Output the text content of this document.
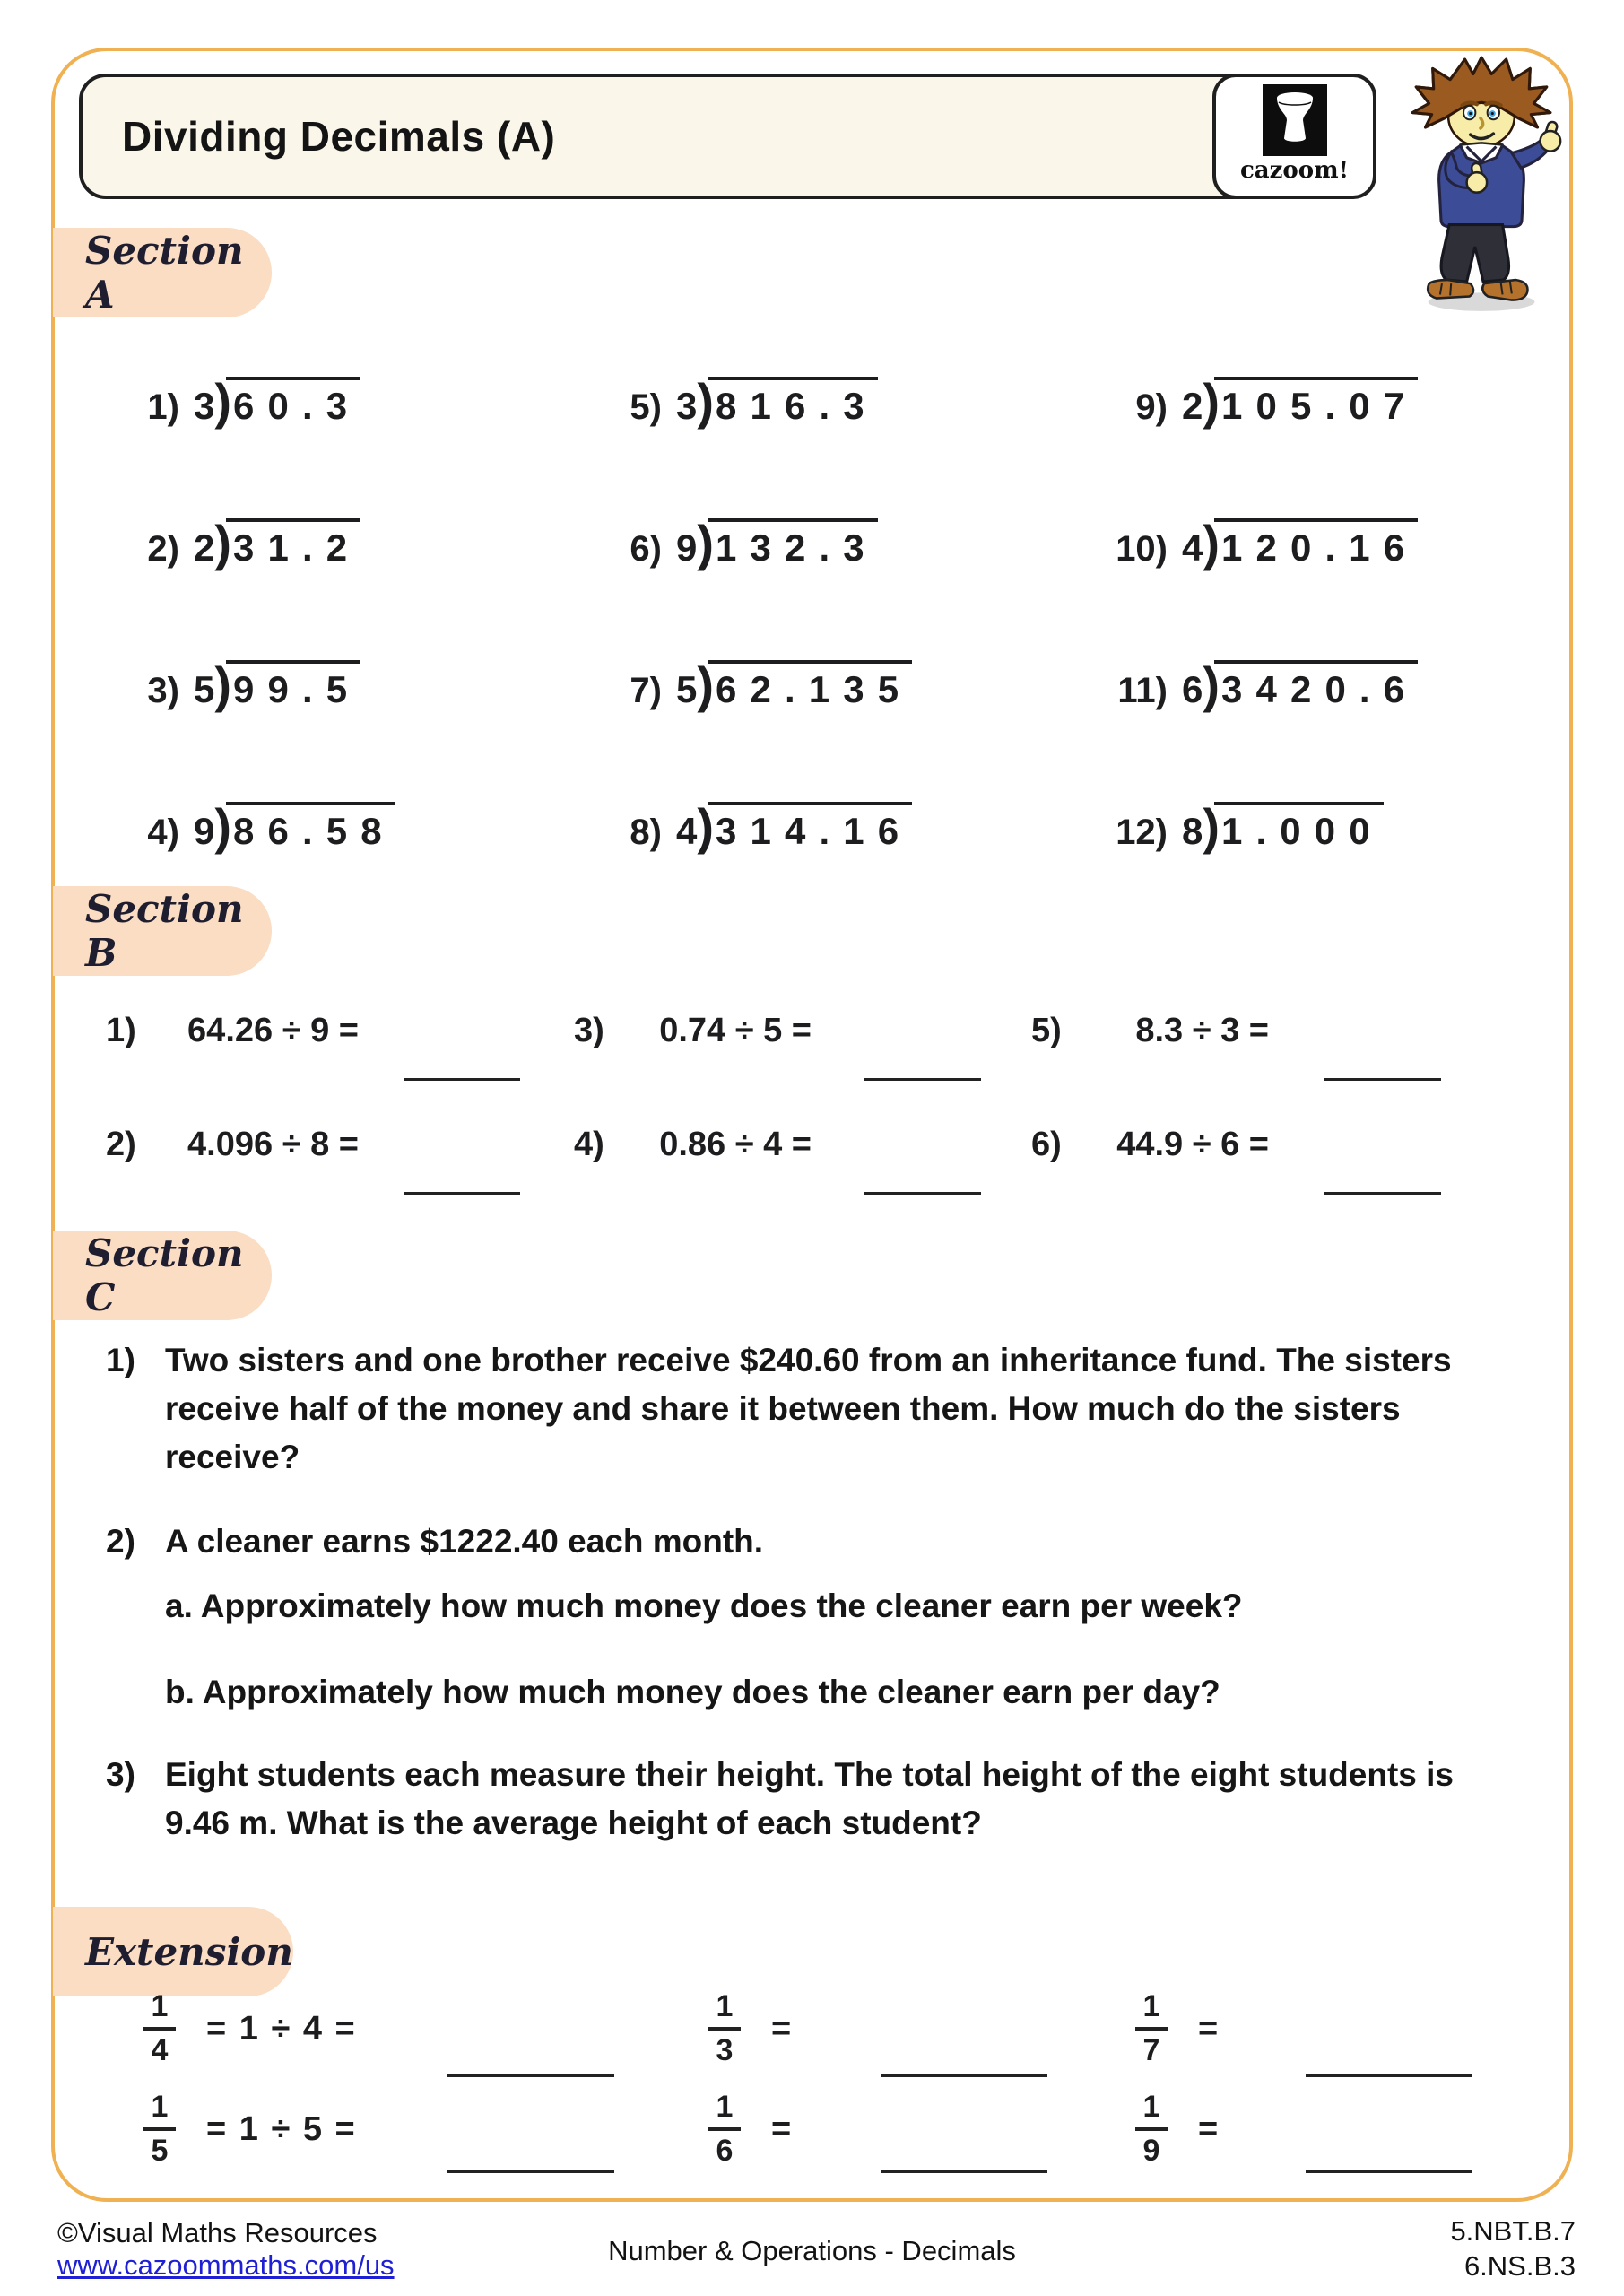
Dividing Decimals (A)
cazoom!
Section A
Section B
Section C
Extension
1) 3 ) 60.3
2) 2 ) 31.2
3) 5 ) 99.5
4) 9 ) 86.58
5) 3 ) 816.3
6) 9 ) 132.3
7) 5 ) 62.135
8) 4 ) 314.16
9) 2 ) 105.07
10) 4 ) 120.16
11) 6 ) 3420.6
12) 8 ) 1.000
1)	64.26 ÷ 9 =
2)	4.096 ÷ 8 =
3)	0.74 ÷ 5 =
4)	0.86 ÷ 4 =
5)	8.3 ÷ 3 =
6)	44.9 ÷ 6 =
1) Two sisters and one brother receive $240.60 from an inheritance fund. The sisters
receive half of the money and share it between them. How much do the sisters
receive?
2) A cleaner earns $1222.40 each month.
a. Approximately how much money does the cleaner earn per week?
b. Approximately how much money does the cleaner earn per day?
3) Eight students each measure their height. The total height of the eight students is
9.46 m. What is the average height of each student?
$\frac{1}{4} = 1 \div 4$ =
$\frac{1}{5} = 1 \div 5$ =
$\frac{1}{3}$ =
$\frac{1}{6}$ =
$\frac{1}{7}$ =
$\frac{1}{9}$ =
©Visual Maths Resources
www.cazoommaths.com/us	Number & Operations - Decimals
5.NBT.B.7
6.NS.B.3
